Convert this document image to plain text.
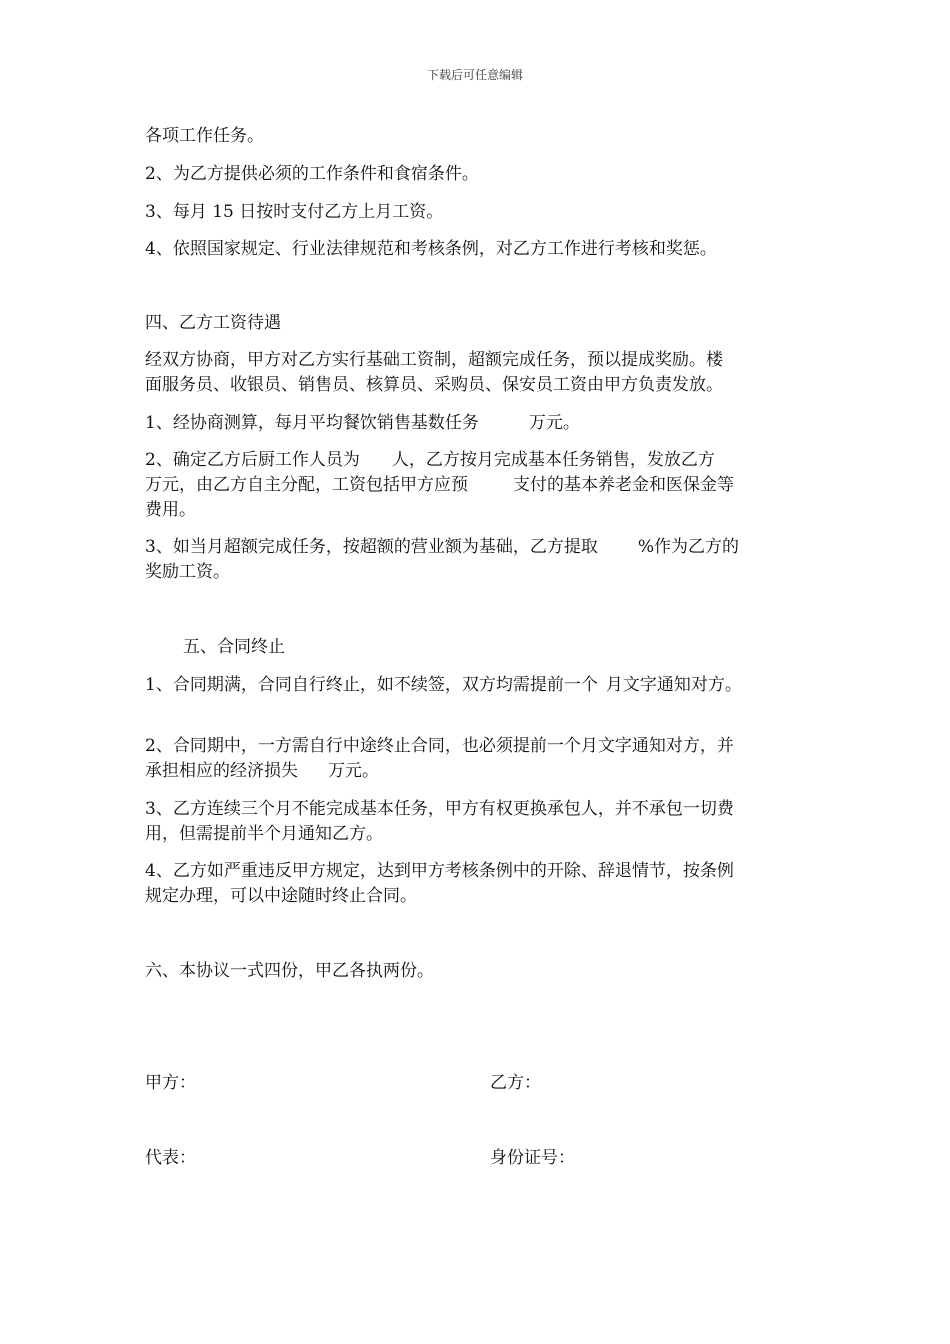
下载后可任意编辑
各项工作任务。
2、为乙方提供必须的工作条件和食宿条件。
3、每月 15 日按时支付乙方上月工资。
4、依照国家规定、行业法律规范和考核条例，对乙方工作进行考核和奖惩。
四、乙方工资待遇
经双方协商，甲方对乙方实行基础工资制，超额完成任务，预以提成奖励。楼
面服务员、收银员、销售员、核算员、采购员、保安员工资由甲方负责发放。
1、经协商测算，每月平均餐饮销售基数任务	万元。
2、确定乙方后厨工作人员为 人，乙方按月完成基本任务销售，发放乙方
万元，由乙方自主分配，工资包括甲方应预	支付的基本养老金和医保金等
费用。
3、如当月超额完成任务，按超额的营业额为基础，乙方提取 %作为乙方的
奖励工资。
五、合同终止
1、合同期满，合同自行终止，如不续签，双方均需提前一个 月文字通知对方。
2、合同期中，一方需自行中途终止合同，也必须提前一个月文字通知对方，并
承担相应的经济损失 万元。
3、乙方连续三个月不能完成基本任务，甲方有权更换承包人，并不承包一切费
用，但需提前半个月通知乙方。
4、乙方如严重违反甲方规定，达到甲方考核条例中的开除、辞退情节，按条例
规定办理，可以中途随时终止合同。
六、本协议一式四份，甲乙各执两份。
甲方：	乙方：
代表：	身份证号：
